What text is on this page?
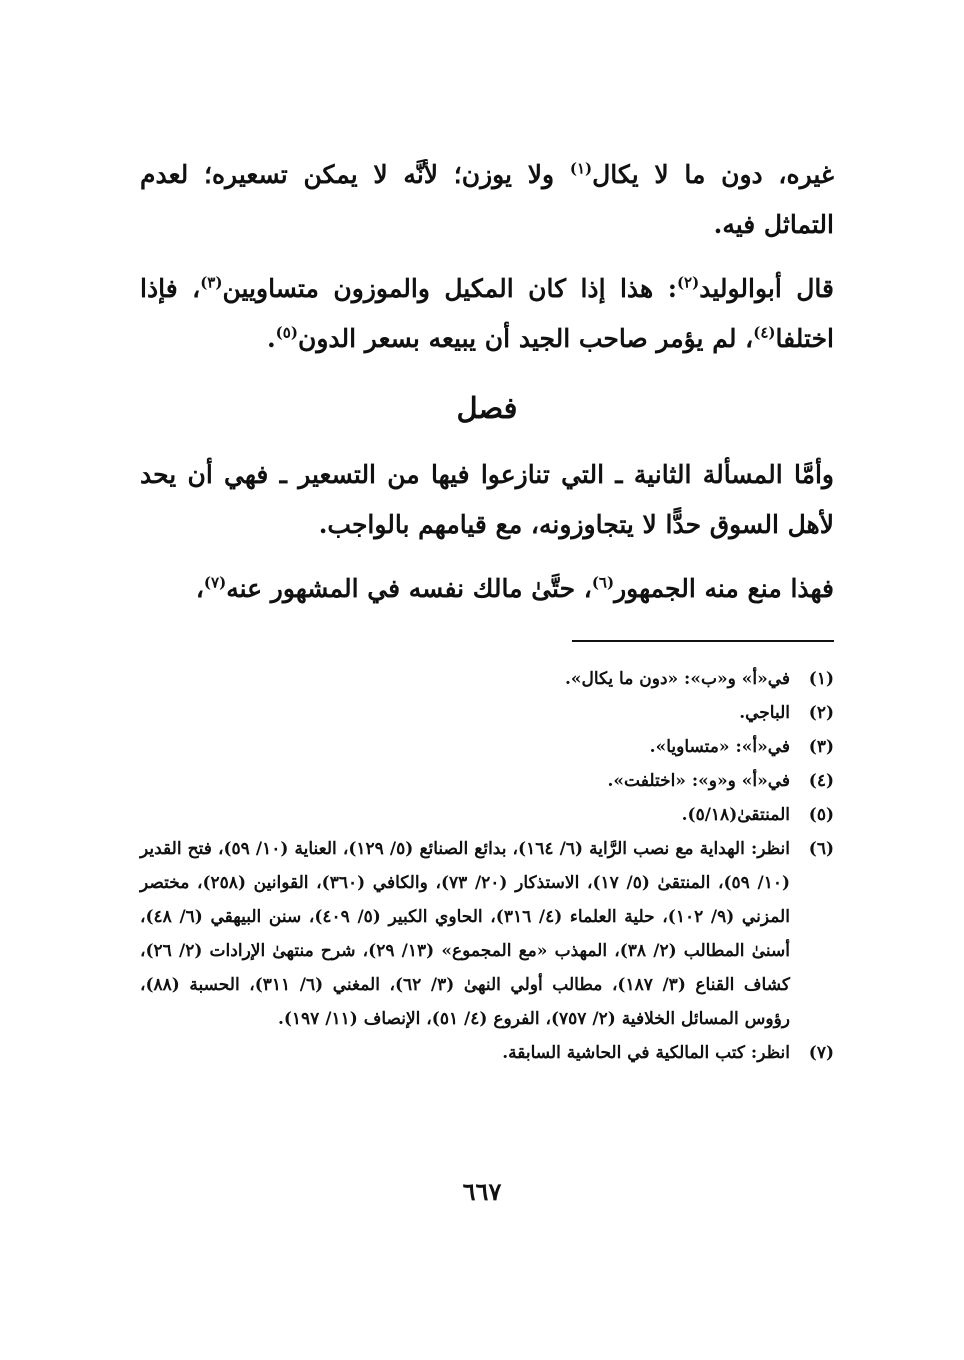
غيره، دون ما لا يكال$^{(١)}$ ولا يوزن؛ لأنَّه لا يمكن تسعيره؛ لعدم التماثل فيه.

قال أبوالوليد$^{(٢)}$: هذا إذا كان المكيل والموزون متساويين$^{(٣)}$، فإذا اختلفا$^{(٤)}$، لم يؤمر صاحب الجيد أن يبيعه بسعر الدون$^{(٥)}$.

فصل

وأمَّا المسألة الثانية ـ التي تنازعوا فيها من التسعير ـ فهي أن يحد لأهل السوق حدًّا لا يتجاوزونه، مع قيامهم بالواجب.

فهذا منع منه الجمهور$^{(٦)}$، حتَّىٰ مالك نفسه في المشهور عنه$^{(٧)}$،

(١)
في«أ» و«ب»: «دون ما يكال».
(٢)
الباجي.
(٣)
في«أ»: «متساويا».
(٤)
في«أ» و«و»: «اختلفت».
(٥)
المنتقىٰ(٥/١٨).
(٦)
انظر: الهداية مع نصب الرَّاية (٦/ ١٦٤)، بدائع الصنائع (٥/ ١٢٩)، العناية (١٠/ ٥٩)، فتح القدير (١٠/ ٥٩)، المنتقىٰ (٥/ ١٧)، الاستذكار (٢٠/ ٧٣)، والكافي (٣٦٠)، القوانين (٢٥٨)، مختصر المزني (٩/ ١٠٢)، حلية العلماء (٤/ ٣١٦)، الحاوي الكبير (٥/ ٤٠٩)، سنن البيهقي (٦/ ٤٨)، أسنىٰ المطالب (٢/ ٣٨)، المهذب «مع المجموع» (١٣/ ٢٩)، شرح منتهىٰ الإرادات (٢/ ٢٦)، كشاف القناع (٣/ ١٨٧)، مطالب أولي النهىٰ (٣/ ٦٢)، المغني (٦/ ٣١١)، الحسبة (٨٨)، رؤوس المسائل الخلافية (٢/ ٧٥٧)، الفروع (٤/ ٥١)، الإنصاف (١١/ ١٩٧).
(٧)
انظر: كتب المالكية في الحاشية السابقة.
٦٦٧
